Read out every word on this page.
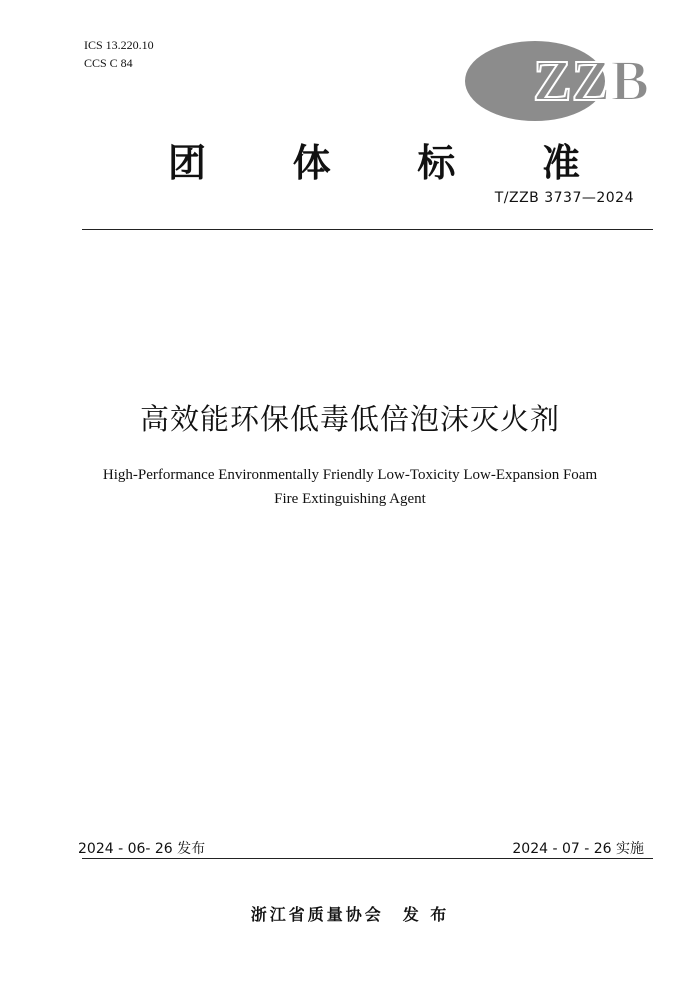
ICS 13.220.10
CCS C 84	ZZB
团 体 标 准
T/ZZB 3737—2024
高效能环保低毒低倍泡沫灭火剂
High-Performance Environmentally Friendly Low-Toxicity Low-Expansion Foam
Fire Extinguishing Agent
2024 - 06- 26 发布	2024 - 07 - 26 实施
浙江省质量协会　发 布
